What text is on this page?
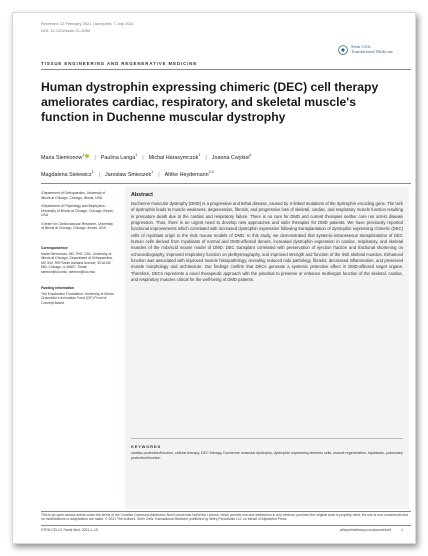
Received: 12 February 2021 | Accepted: 7 July 2021
DOI: 10.1002/sctm.21-0054
Stem Cells
Translational Medicine
TISSUE ENGINEERING AND REGENERATIVE MEDICINE
Human dystrophin expressing chimeric (DEC) cell therapy ameliorates cardiac, respiratory, and skeletal muscle's function in Duchenne muscular dystrophy
Maria Siemionow$^1$ | Paulina Langa$^1$ | Michal Harasymczuk$^1$ | Joanna Cwykiel$^1$
Magdalena Sielewicz$^1$ | Jaroslaw Smieszek$^1$ | Ahlke Heydemann$^{2,3}$

¹Department of Orthopaedics, University of Illinois at Chicago, Chicago, Illinois, USA

²Department of Physiology and Biophysics, University of Illinois at Chicago, Chicago, Illinois, USA

³Center for Cardiovascular Research, University of Illinois at Chicago, Chicago, Illinois, USA

Correspondence

Maria Siemionow, MD, PhD, DSc, University of Illinois at Chicago, Department of Orthopaedics, MC 944, 909 South Ashland Avenue, 301A MC 884, Chicago, IL 60607. Email: siemion@uic.edu, siemion@uic.edu

Funding information

The Kosciuszko Foundation; University of Illinois Chancellor's Innovation Fund (CIF) Proof of Concept Award

Abstract
Duchenne muscular dystrophy (DMD) is a progressive and lethal disease, caused by X-linked mutations of the dystrophin encoding gene. The lack of dystrophin leads to muscle weakness, degeneration, fibrosis, and progressive loss of skeletal, cardiac, and respiratory muscle function resulting in premature death due to the cardiac and respiratory failure. There is no cure for DMD and current therapies neither cure nor arrest disease progression. Thus, there is an urgent need to develop new approaches and safer therapies for DMD patients. We have previously reported functional improvements which correlated with increased dystrophin expression following transplantation of dystrophin expressing chimeric (DEC) cells of myoblast origin to the mdx mouse models of DMD. In this study, we demonstrated that systemic-intraosseous transplantation of DEC human cells derived from myoblasts of normal and DMD-affected donors, increased dystrophin expression in cardiac, respiratory, and skeletal muscles of the mdx/scid mouse model of DMD. DEC transplant correlated with preservation of ejection fraction and fractional shortening on echocardiography, improved respiratory function on plethysmography, and improved strength and function of the limb skeletal muscles. Enhanced function was associated with improved muscle histopathology, revealing reduced mdx pathology, fibrosis, decreased inflammation, and preserved muscle morphology and architecture. Our findings confirm that DECs generate a systemic protective effect in DMD-affected target organs. Therefore, DECs represents a novel therapeutic approach with the potential to preserve or enhance multiorgan function of the skeletal, cardiac, and respiratory muscles critical for the well-being of DMD patients.
KEYWORDS
cardiac protection/function, cellular therapy, DEC therapy, Duchenne muscular dystrophy, dystrophin expressing chimeric cells, muscle regeneration, myoblasts, pulmonary protection/function
This is an open access article under the terms of the Creative Commons Attribution-NonCommercial-NoDerivs License, which permits use and distribution in any medium, provided the original work is properly cited, the use is non-commercial and no modifications or adaptations are made. © 2021 The Authors. Stem Cells Translational Medicine published by Wiley Periodicals LLC on behalf of AlphaMed Press.
STEM CELLS Transl Med. 2021;1–15.	wileyonlinelibrary.com/journal/sct3	1
